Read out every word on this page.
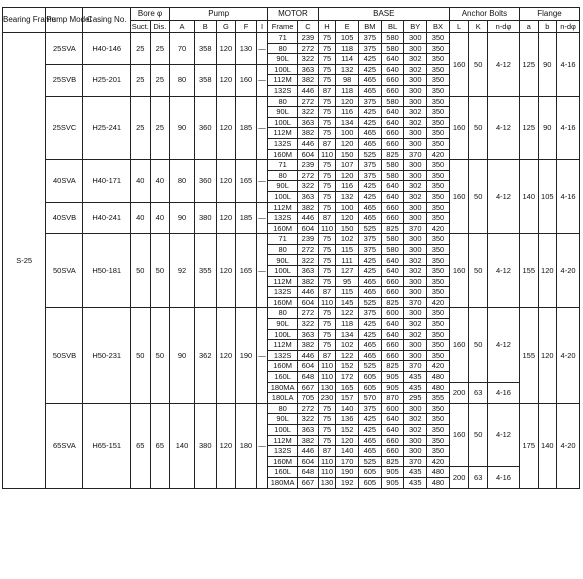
Bearing Frame	Pump Model	Casing No.	Bore φ		Pump					MOTOR		BASE						Anchor Bolts			Flange		
			Suct.	Dis.	A	B	G	F	I	Frame	C	H	E	BM	BL	BY	BX	L	K	n-dφ	a	b	n-dφ
S-25	25SVA	H40-146	25	25	70	358	120	130	—	71	239	75	105	375	580	300	350	160	50	4-12	125	90	4-16
										80	272	75	118	375	580	300	350						
										90L	322	75	114	425	640	302	350						
	25SVB	H25-201	25	25	80	358	120	160	—	100L	363	75	132	425	640	302	350						
										112M	382	75	98	465	660	300	350						
										132S	446	87	118	465	660	300	350						
	25SVC	H25-241	25	25	90	360	120	185	—	80	272	75	120	375	580	300	350	160	50	4-12	125	90	4-16
										90L	322	75	116	425	640	302	350						
										100L	363	75	134	425	640	302	350						
										112M	382	75	100	465	660	300	350						
										132S	446	87	120	465	660	300	350						
										160M	604	110	150	525	825	370	420						
	40SVA	H40-171	40	40	80	360	120	165	—	71	239	75	107	375	580	300	350	160	50	4-12	140	105	4-16
										80	272	75	120	375	580	300	350						
										90L	322	75	116	425	640	302	350						
										100L	363	75	132	425	640	302	350						
	40SVB	H40-241	40	40	90	380	120	185	—	112M	382	75	100	465	660	300	350						
										132S	446	87	120	465	660	300	350						
										160M	604	110	150	525	825	370	420						
	50SVA	H50-181	50	50	92	355	120	165	—	71	239	75	102	375	580	300	350	160	50	4-12	155	120	4-20
										80	272	75	115	375	580	300	350						
										90L	322	75	111	425	640	302	350						
										100L	363	75	127	425	640	302	350						
										112M	382	75	95	465	660	300	350						
										132S	446	87	115	465	660	300	350						
										160M	604	110	145	525	825	370	420						
	50SVB	H50-231	50	50	90	362	120	190	—	80	272	75	122	375	600	300	350	160	50	4-12	155	120	4-20
										90L	322	75	118	425	640	302	350						
										100L	363	75	134	425	640	302	350						
										112M	382	75	102	465	660	300	350						
										132S	446	87	122	465	660	300	350						
										160M	604	110	152	525	825	370	420						
										160L	648	110	172	605	905	435	480						
										180MA	667	130	165	605	905	435	480	200	63	4-16			
										180LA	705	230	157	570	870	295	355						
	65SVA	H65-151	65	65	140	380	120	180	—	80	272	75	140	375	600	300	350	160	50	4-12	175	140	4-20
										90L	322	75	136	425	640	302	350						
										100L	363	75	152	425	640	302	350						
										112M	382	75	120	465	660	300	350						
										132S	446	87	140	465	660	300	350						
										160M	604	110	170	525	825	370	420						
										160L	648	110	190	605	905	435	480	200	63	4-16			
										180MA	667	130	192	605	905	435	480						
